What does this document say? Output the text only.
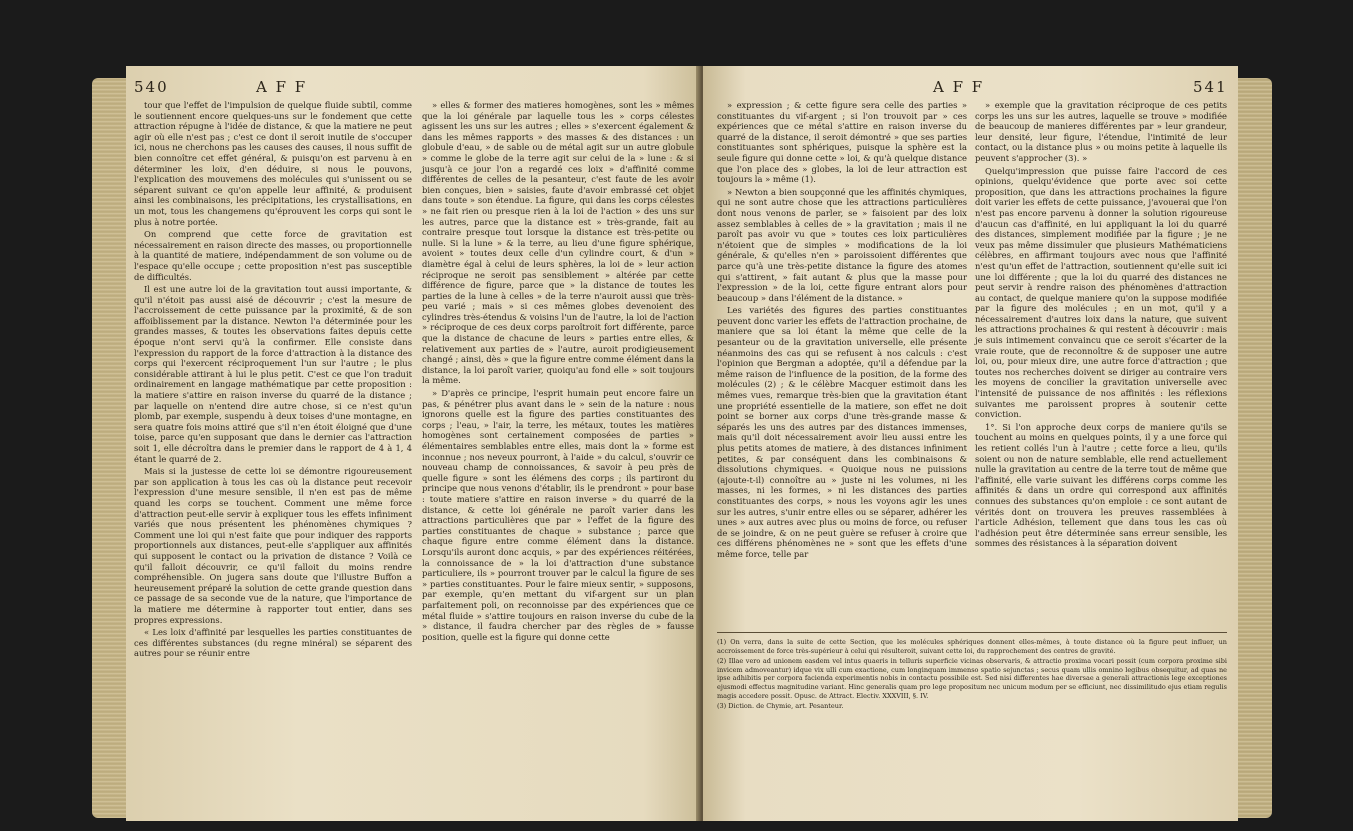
540	A F F

tour que l'effet de l'impulsion de quelque fluide subtil, comme le soutiennent encore quelques-uns sur le fondement que cette attraction répugne à l'idée de distance, & que la matiere ne peut agir où elle n'est pas ; c'est ce dont il seroit inutile de s'occuper ici, nous ne cherchons pas les causes des causes, il nous suffit de bien connoître cet effet général, & puisqu'on est parvenu à en déterminer les loix, d'en déduire, si nous le pouvons, l'explication des mouvemens des molécules qui s'unissent ou se séparent suivant ce qu'on appelle leur affinité, & produisent ainsi les combinaisons, les précipitations, les crystallisations, en un mot, tous les changemens qu'éprouvent les corps qui sont le plus à notre portée.

On comprend que cette force de gravitation est nécessairement en raison directe des masses, ou proportionnelle à la quantité de matiere, indépendamment de son volume ou de l'espace qu'elle occupe ; cette proposition n'est pas susceptible de difficultés.

Il est une autre loi de la gravitation tout aussi importante, & qu'il n'étoit pas aussi aisé de découvrir ; c'est la mesure de l'accroissement de cette puissance par la proximité, & de son affoiblissement par la distance. Newton l'a déterminée pour les grandes masses, & toutes les observations faites depuis cette époque n'ont servi qu'à la confirmer. Elle consiste dans l'expression du rapport de la force d'attraction à la distance des corps qui l'exercent réciproquement l'un sur l'autre ; le plus considérable attirant à lui le plus petit. C'est ce que l'on traduit ordinairement en langage mathématique par cette proposition : la matiere s'attire en raison inverse du quarré de la distance ; par laquelle on n'entend dire autre chose, si ce n'est qu'un plomb, par exemple, suspendu à deux toises d'une montagne, en sera quatre fois moins attiré que s'il n'en étoit éloigné que d'une toise, parce qu'en supposant que dans le dernier cas l'attraction soit 1, elle décroîtra dans le premier dans le rapport de 4 à 1, 4 étant le quarré de 2.

Mais si la justesse de cette loi se démontre rigoureusement par son application à tous les cas où la distance peut recevoir l'expression d'une mesure sensible, il n'en est pas de même quand les corps se touchent. Comment une même force d'attraction peut-elle servir à expliquer tous les effets infiniment variés que nous présentent les phénomènes chymiques ? Comment une loi qui n'est faite que pour indiquer des rapports proportionnels aux distances, peut-elle s'appliquer aux affinités qui supposent le contact ou la privation de distance ? Voilà ce qu'il falloit découvrir, ce qu'il falloit du moins rendre compréhensible. On jugera sans doute que l'illustre Buffon a heureusement préparé la solution de cette grande question dans ce passage de sa seconde vue de la nature, que l'importance de la matiere me détermine à rapporter tout entier, dans ses propres expressions.

« Les loix d'affinité par lesquelles les parties constituantes de ces différentes substances (du regne minéral) se séparent des autres pour se réunir entre

» elles & former des matieres homogènes, sont les » mêmes que la loi générale par laquelle tous les » corps célestes agissent les uns sur les autres ; elles » s'exercent également & dans les mêmes rapports » des masses & des distances : un globule d'eau, » de sable ou de métal agit sur un autre globule » comme le globe de la terre agit sur celui de la » lune : & si jusqu'à ce jour l'on a regardé ces loix » d'affinité comme différentes de celles de la pesanteur, c'est faute de les avoir bien conçues, bien » saisies, faute d'avoir embrassé cet objet dans toute » son étendue. La figure, qui dans les corps célestes » ne fait rien ou presque rien à la loi de l'action » des uns sur les autres, parce que la distance est » très-grande, fait au contraire presque tout lorsque la distance est très-petite ou nulle. Si la lune » & la terre, au lieu d'une figure sphérique, avoient » toutes deux celle d'un cylindre court, & d'un » diamètre égal à celui de leurs sphères, la loi de » leur action réciproque ne seroit pas sensiblement » altérée par cette différence de figure, parce que » la distance de toutes les parties de la lune à celles » de la terre n'auroit aussi que très-peu varié ; mais » si ces mêmes globes devenoient des cylindres très-étendus & voisins l'un de l'autre, la loi de l'action » réciproque de ces deux corps paroîtroit fort différente, parce que la distance de chacune de leurs » parties entre elles, & relativement aux parties de » l'autre, auroit prodigieusement changé ; ainsi, dès » que la figure entre comme élément dans la distance, la loi paroît varier, quoiqu'au fond elle » soit toujours la même.

» D'après ce principe, l'esprit humain peut encore faire un pas, & pénétrer plus avant dans le » sein de la nature : nous ignorons quelle est la figure des parties constituantes des corps ; l'eau, » l'air, la terre, les métaux, toutes les matières homogènes sont certainement composées de parties » élémentaires semblables entre elles, mais dont la » forme est inconnue ; nos neveux pourront, à l'aide » du calcul, s'ouvrir ce nouveau champ de connoissances, & savoir à peu près de quelle figure » sont les élémens des corps ; ils partiront du principe que nous venons d'établir, ils le prendront » pour base : toute matiere s'attire en raison inverse » du quarré de la distance, & cette loi générale ne paroît varier dans les attractions particulières que par » l'effet de la figure des parties constituantes de chaque » substance ; parce que chaque figure entre comme élément dans la distance. Lorsqu'ils auront donc acquis, » par des expériences réitérées, la connoissance de » la loi d'attraction d'une substance particuliere, ils » pourront trouver par le calcul la figure de ses » parties constituantes. Pour le faire mieux sentir, » supposons, par exemple, qu'en mettant du vif-argent sur un plan parfaitement poli, on reconnoisse par des expériences que ce métal fluide » s'attire toujours en raison inverse du cube de la » distance, il faudra chercher par des règles de » fausse position, quelle est la figure qui donne cette

A F F	541

» expression ; & cette figure sera celle des parties » constituantes du vif-argent ; si l'on trouvoit par » ces expériences que ce métal s'attire en raison inverse du quarré de la distance, il seroit démontré » que ses parties constituantes sont sphériques, puisque la sphère est la seule figure qui donne cette » loi, & qu'à quelque distance que l'on place des » globes, la loi de leur attraction est toujours la » même (1).

» Newton a bien soupçonné que les affinités chymiques, qui ne sont autre chose que les attractions particulières dont nous venons de parler, se » faisoient par des loix assez semblables à celles de » la gravitation ; mais il ne paroît pas avoir vu que » toutes ces loix particulières n'étoient que de simples » modifications de la loi générale, & qu'elles n'en » paroissoient différentes que parce qu'à une très-petite distance la figure des atomes qui s'attirent, » fait autant & plus que la masse pour l'expression » de la loi, cette figure entrant alors pour beaucoup » dans l'élément de la distance. »

Les variétés des figures des parties constituantes peuvent donc varier les effets de l'attraction prochaine, de maniere que sa loi étant la même que celle de la pesanteur ou de la gravitation universelle, elle présente néanmoins des cas qui se refusent à nos calculs : c'est l'opinion que Bergman a adoptée, qu'il a défendue par la même raison de l'influence de la position, de la forme des molécules (2) ; & le célèbre Macquer estimoit dans les mêmes vues, remarque très-bien que la gravitation étant une propriété essentielle de la matiere, son effet ne doit point se borner aux corps d'une très-grande masse & séparés les uns des autres par des distances immenses, mais qu'il doit nécessairement avoir lieu aussi entre les plus petits atomes de matiere, à des distances infiniment petites, & par conséquent dans les combinaisons & dissolutions chymiques. « Quoique nous ne puissions (ajoute-t-il) connoître au » juste ni les volumes, ni les masses, ni les formes, » ni les distances des parties constituantes des corps, » nous les voyons agir les unes sur les autres, s'unir entre elles ou se séparer, adhérer les unes » aux autres avec plus ou moins de force, ou refuser de se joindre, & on ne peut guère se refuser à croire que ces différens phénomènes ne » sont que les effets d'une même force, telle par

» exemple que la gravitation réciproque de ces petits corps les uns sur les autres, laquelle se trouve » modifiée de beaucoup de manieres différentes par » leur grandeur, leur densité, leur figure, l'étendue, l'intimité de leur contact, ou la distance plus » ou moins petite à laquelle ils peuvent s'approcher (3). »

Quelqu'impression que puisse faire l'accord de ces opinions, quelqu'évidence que porte avec soi cette proposition, que dans les attractions prochaines la figure doit varier les effets de cette puissance, j'avouerai que l'on n'est pas encore parvenu à donner la solution rigoureuse d'aucun cas d'affinité, en lui appliquant la loi du quarré des distances, simplement modifiée par la figure ; je ne veux pas même dissimuler que plusieurs Mathématiciens célèbres, en affirmant toujours avec nous que l'affinité n'est qu'un effet de l'attraction, soutiennent qu'elle suit ici une loi différente ; que la loi du quarré des distances ne peut servir à rendre raison des phénomènes d'attraction au contact, de quelque maniere qu'on la suppose modifiée par la figure des molécules ; en un mot, qu'il y a nécessairement d'autres loix dans la nature, que suivent les attractions prochaines & qui restent à découvrir : mais je suis intimement convaincu que ce seroit s'écarter de la vraie route, que de reconnoître & de supposer une autre loi, ou, pour mieux dire, une autre force d'attraction ; que toutes nos recherches doivent se diriger au contraire vers les moyens de concilier la gravitation universelle avec l'intensité de puissance de nos affinités : les réflexions suivantes me paroissent propres à soutenir cette conviction.

1°. Si l'on approche deux corps de maniere qu'ils se touchent au moins en quelques points, il y a une force qui les retient collés l'un à l'autre ; cette force a lieu, qu'ils soient ou non de nature semblable, elle rend actuellement nulle la gravitation au centre de la terre tout de même que l'affinité, elle varie suivant les différens corps comme les affinités & dans un ordre qui correspond aux affinités connues des substances qu'on emploie : ce sont autant de vérités dont on trouvera les preuves rassemblées à l'article Adhésion, tellement que dans tous les cas où l'adhésion peut être déterminée sans erreur sensible, les sommes des résistances à la séparation doivent

(1) On verra, dans la suite de cette Section, que les molécules sphériques donnent elles-mêmes, à toute distance où la figure peut influer, un accroissement de force très-supérieur à celui qui résulteroit, suivant cette loi, du rapprochement des centres de gravité.

(2) Illae vero ad unionem easdem vel intus quaeris in telluris superficie vicinas observaris, & attractio proxima vocari possit (cum corpora proxime sibi invicem admoveantur) idque vix ulli cum exactione, cum longinquam immenso spatio sejunctas ; secus quam ullis omnino legibus obsequitur, ad quas ne ipse adhibitis per corpora facienda experimentis nobis in contactu possibile est. Sed nisi differentes hae diversae a generali attractionis lege exceptiones ejusmodi effectus magnitudine variant. Hinc generalis quam pro lege propositum nec unicum modum per se efficiunt, nec dissimilitudo ejus etiam regulis magis accedere possit. Opusc. de Attract. Electiv. XXXVIII, §. IV.

(3) Diction. de Chymie, art. Pesanteur.
